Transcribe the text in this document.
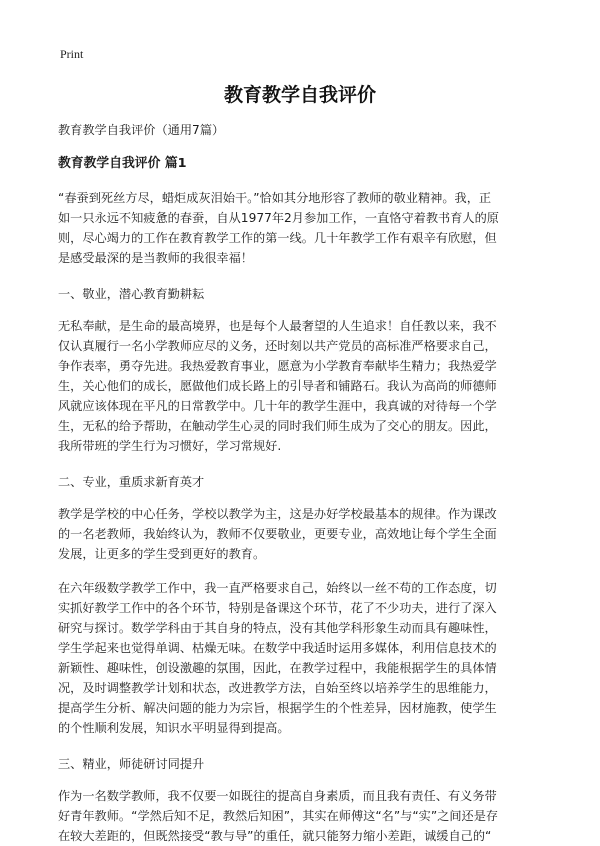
Print
教育教学自我评价

教育教学自我评价（通用7篇）

教育教学自我评价 篇1

“春蚕到死丝方尽，蜡炬成灰泪始干。”恰如其分地形容了教师的敬业精神。我，正
如一只永远不知疲惫的春蚕，自从1977年2月参加工作，一直恪守着教书育人的原
则，尽心竭力的工作在教育教学工作的第一线。几十年教学工作有艰辛有欣慰，但
是感受最深的是当教师的我很幸福！

一、敬业，潜心教育勤耕耘

无私奉献，是生命的最高境界，也是每个人最奢望的人生追求！自任教以来，我不
仅认真履行一名小学教师应尽的义务，还时刻以共产党员的高标准严格要求自己，
争作表率，勇夺先进。我热爱教育事业，愿意为小学教育奉献毕生精力；我热爱学
生，关心他们的成长，愿做他们成长路上的引导者和铺路石。我认为高尚的师德师
风就应该体现在平凡的日常教学中。几十年的教学生涯中，我真诚的对待每一个学
生，无私的给予帮助，在触动学生心灵的同时我们师生成为了交心的朋友。因此，
我所带班的学生行为习惯好，学习常规好.

二、专业，重质求新育英才

教学是学校的中心任务，学校以教学为主，这是办好学校最基本的规律。作为课改
的一名老教师，我始终认为，教师不仅要敬业，更要专业，高效地让每个学生全面
发展，让更多的学生受到更好的教育。
在六年级数学教学工作中，我一直严格要求自己，始终以一丝不苟的工作态度，切
实抓好教学工作中的各个环节，特别是备课这个环节，花了不少功夫，进行了深入
研究与探讨。数学学科由于其自身的特点，没有其他学科形象生动而具有趣味性，
学生学起来也觉得单调、枯燥无味。在数学中我适时运用多媒体，利用信息技术的
新颖性、趣味性，创设激趣的氛围，因此，在教学过程中，我能根据学生的具体情
况，及时调整教学计划和状态，改进教学方法，自始至终以培养学生的思维能力，
提高学生分析、解决问题的能力为宗旨，根据学生的个性差异，因材施教，使学生
的个性顺利发展，知识水平明显得到提高。

三、精业，师徒研讨同提升

作为一名数学教师，我不仅要一如既往的提高自身素质，而且我有责任、有义务带
好青年教师。“学然后知不足，教然后知困”，其实在师傅这“名”与“实”之间还是存
在较大差距的，但既然接受“教与导”的重任，就只能努力缩小差距，诚缓自己的“
